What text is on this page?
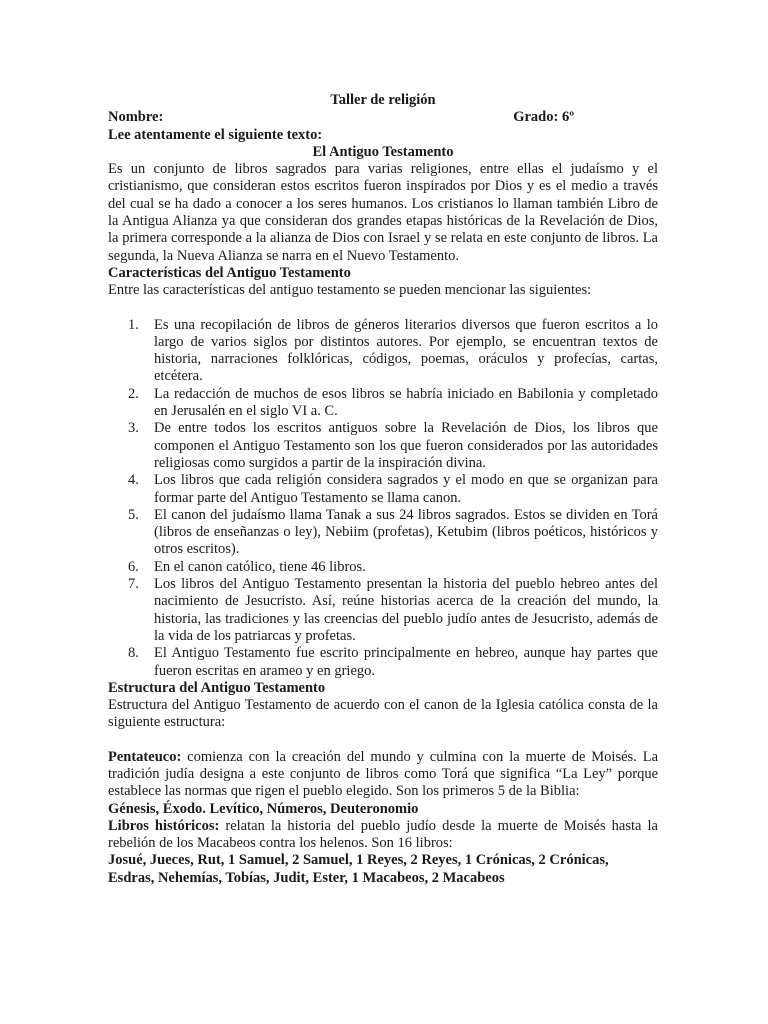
Taller de religión
Nombre:	Grado: 6º
Lee atentamente el siguiente texto:
El Antiguo Testamento

Es un conjunto de libros sagrados para varias religiones, entre ellas el judaísmo y el cristianismo, que consideran estos escritos fueron inspirados por Dios y es el medio a través del cual se ha dado a conocer a los seres humanos. Los cristianos lo llaman también Libro de la Antigua Alianza ya que consideran dos grandes etapas históricas de la Revelación de Dios, la primera corresponde a la alianza de Dios con Israel y se relata en este conjunto de libros. La segunda, la Nueva Alianza se narra en el Nuevo Testamento.

Características del Antiguo Testamento

Entre las características del antiguo testamento se pueden mencionar las siguientes:

1. Es una recopilación de libros de géneros literarios diversos que fueron escritos a lo largo de varios siglos por distintos autores. Por ejemplo, se encuentran textos de historia, narraciones folklóricas, códigos, poemas, oráculos y profecías, cartas, etcétera.
2. La redacción de muchos de esos libros se habría iniciado en Babilonia y completado en Jerusalén en el siglo VI a. C.
3. De entre todos los escritos antiguos sobre la Revelación de Dios, los libros que componen el Antiguo Testamento son los que fueron considerados por las autoridades religiosas como surgidos a partir de la inspiración divina.
4. Los libros que cada religión considera sagrados y el modo en que se organizan para formar parte del Antiguo Testamento se llama canon.
5. El canon del judaísmo llama Tanak a sus 24 libros sagrados. Estos se dividen en Torá (libros de enseñanzas o ley), Nebiim (profetas), Ketubim (libros poéticos, históricos y otros escritos).
6. En el canon católico, tiene 46 libros.
7. Los libros del Antiguo Testamento presentan la historia del pueblo hebreo antes del nacimiento de Jesucristo. Así, reúne historias acerca de la creación del mundo, la historia, las tradiciones y las creencias del pueblo judío antes de Jesucristo, además de la vida de los patriarcas y profetas.
8. El Antiguo Testamento fue escrito principalmente en hebreo, aunque hay partes que fueron escritas en arameo y en griego.
Estructura del Antiguo Testamento

Estructura del Antiguo Testamento de acuerdo con el canon de la Iglesia católica consta de la siguiente estructura:

Pentateuco: comienza con la creación del mundo y culmina con la muerte de Moisés. La tradición judía designa a este conjunto de libros como Torá que significa “La Ley” porque establece las normas que rigen el pueblo elegido. Son los primeros 5 de la Biblia:

Génesis, Éxodo. Levítico, Números, Deuteronomio

Libros históricos: relatan la historia del pueblo judío desde la muerte de Moisés hasta la rebelión de los Macabeos contra los helenos. Son 16 libros:

Josué, Jueces, Rut, 1 Samuel, 2 Samuel, 1 Reyes, 2 Reyes, 1 Crónicas, 2 Crónicas, Esdras, Nehemías, Tobías, Judit, Ester, 1 Macabeos, 2 Macabeos
